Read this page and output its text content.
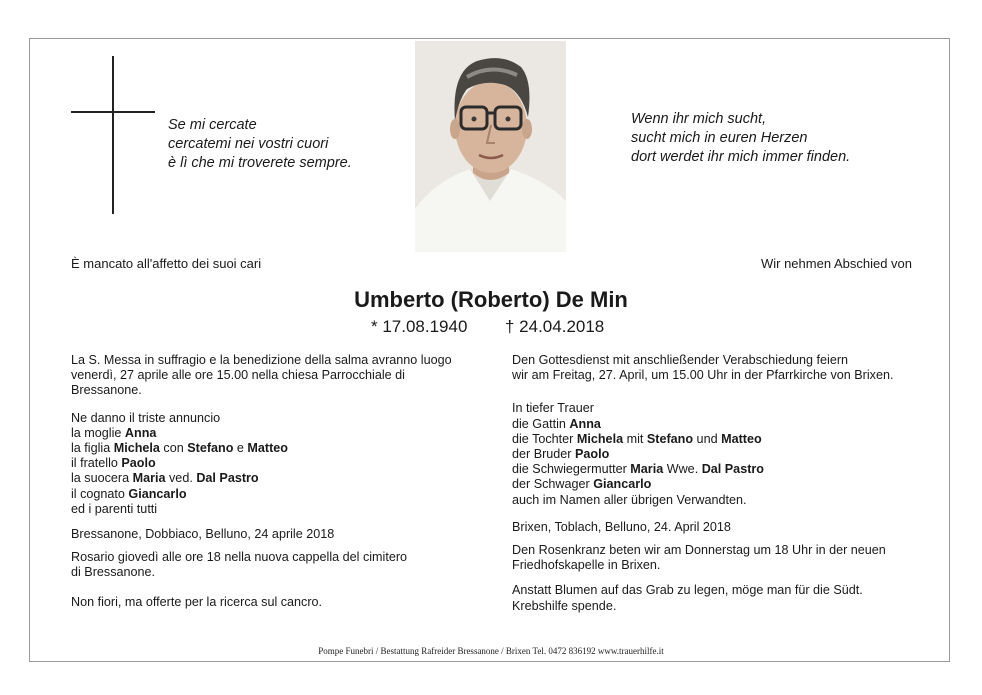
Se mi cercate
cercatemi nei vostri cuori
è lì che mi troverete sempre.
Wenn ihr mich sucht,
sucht mich in euren Herzen
dort werdet ihr mich immer finden.
È mancato all'affetto dei suoi cari	Wir nehmen Abschied von
Umberto (Roberto) De Min
* 17.08.1940 † 24.04.2018
La S. Messa in suffragio e la benedizione della salma avranno luogo
venerdì, 27 aprile alle ore 15.00 nella chiesa Parrocchiale di
Bressanone.
Ne danno il triste annuncio
la moglie Anna
la figlia Michela con Stefano e Matteo
il fratello Paolo
la suocera Maria ved. Dal Pastro
il cognato Giancarlo
ed i parenti tutti
Bressanone, Dobbiaco, Belluno, 24 aprile 2018
Rosario giovedì alle ore 18 nella nuova cappella del cimitero
di Bressanone.
Non fiori, ma offerte per la ricerca sul cancro.
Den Gottesdienst mit anschließender Verabschiedung feiern
wir am Freitag, 27. April, um 15.00 Uhr in der Pfarrkirche von Brixen.
In tiefer Trauer
die Gattin Anna
die Tochter Michela mit Stefano und Matteo
der Bruder Paolo
die Schwiegermutter Maria Wwe. Dal Pastro
der Schwager Giancarlo
auch im Namen aller übrigen Verwandten.
Brixen, Toblach, Belluno, 24. April 2018
Den Rosenkranz beten wir am Donnerstag um 18 Uhr in der neuen
Friedhofskapelle in Brixen.
Anstatt Blumen auf das Grab zu legen, möge man für die Südt.
Krebshilfe spende.
Pompe Funebri / Bestattung Rafreider Bressanone / Brixen Tel. 0472 836192 www.trauerhilfe.it
